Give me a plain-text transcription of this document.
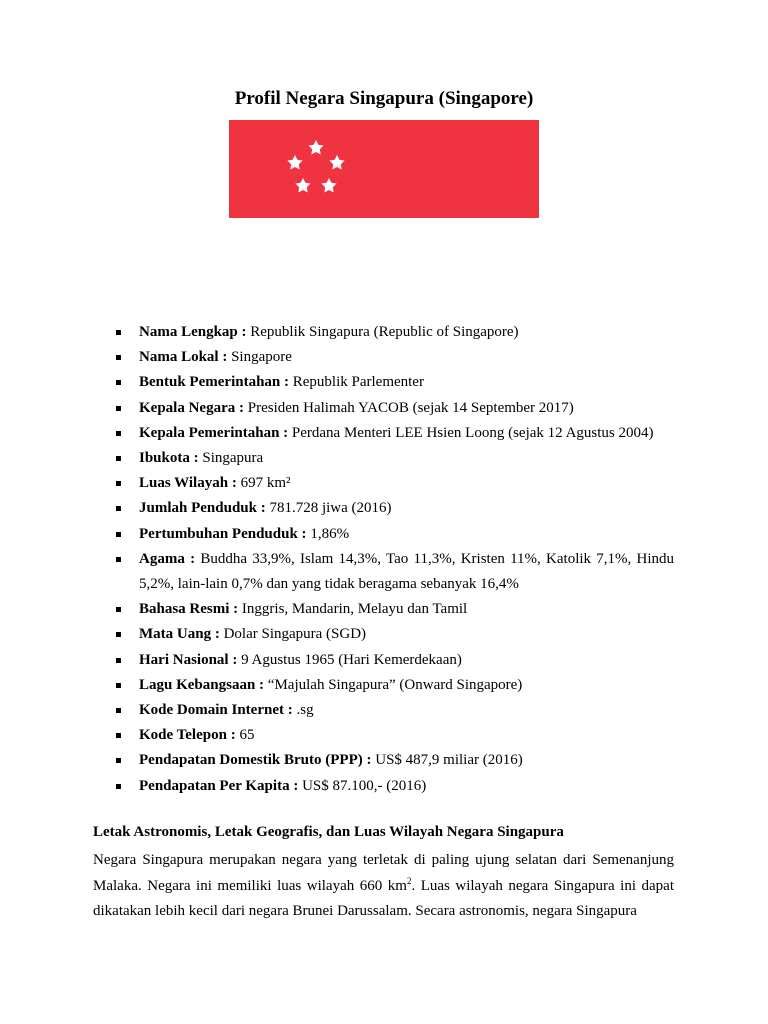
Profil Negara Singapura (Singapore)
Nama Lengkap : Republik Singapura (Republic of Singapore)
Nama Lokal : Singapore
Bentuk Pemerintahan : Republik Parlementer
Kepala Negara : Presiden Halimah YACOB (sejak 14 September 2017)
Kepala Pemerintahan : Perdana Menteri LEE Hsien Loong (sejak 12 Agustus 2004)
Ibukota : Singapura
Luas Wilayah : 697 km²
Jumlah Penduduk : 781.728 jiwa (2016)
Pertumbuhan Penduduk : 1,86%
Agama : Buddha 33,9%, Islam 14,3%, Tao 11,3%, Kristen 11%, Katolik 7,1%, Hindu 5,2%, lain-lain 0,7% dan yang tidak beragama sebanyak 16,4%
Bahasa Resmi : Inggris, Mandarin, Melayu dan Tamil
Mata Uang : Dolar Singapura (SGD)
Hari Nasional : 9 Agustus 1965 (Hari Kemerdekaan)
Lagu Kebangsaan : “Majulah Singapura” (Onward Singapore)
Kode Domain Internet : .sg
Kode Telepon : 65
Pendapatan Domestik Bruto (PPP) : US$ 487,9 miliar (2016)
Pendapatan Per Kapita : US$ 87.100,- (2016)
Letak Astronomis, Letak Geografis, dan Luas Wilayah Negara Singapura
Negara Singapura merupakan negara yang terletak di paling ujung selatan dari Semenanjung Malaka. Negara ini memiliki luas wilayah 660 $km^2$. Luas wilayah negara Singapura ini dapat dikatakan lebih kecil dari negara Brunei Darussalam. Secara astronomis, negara Singapura
